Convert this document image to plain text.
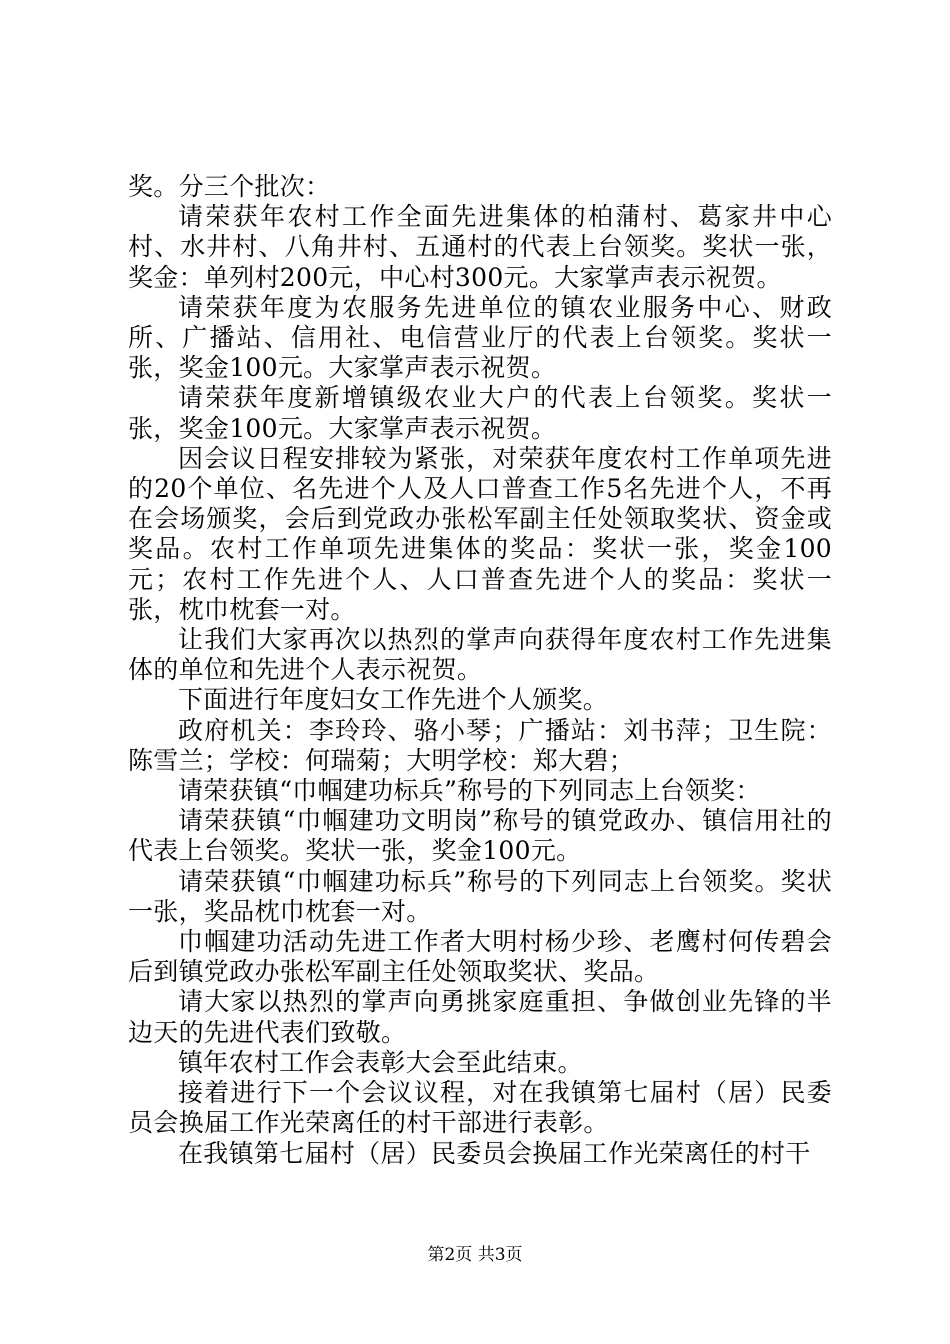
奖。分三个批次：

请荣获年农村工作全面先进集体的柏蒲村、葛家井中心村、水井村、八角井村、五通村的代表上台领奖。奖状一张，奖金：单列村200元，中心村300元。大家掌声表示祝贺。

请荣获年度为农服务先进单位的镇农业服务中心、财政所、广播站、信用社、电信营业厅的代表上台领奖。奖状一张，奖金100元。大家掌声表示祝贺。

请荣获年度新增镇级农业大户的代表上台领奖。奖状一张，奖金100元。大家掌声表示祝贺。

因会议日程安排较为紧张，对荣获年度农村工作单项先进的20个单位、名先进个人及人口普查工作5名先进个人，不再在会场颁奖，会后到党政办张松军副主任处领取奖状、资金或奖品。农村工作单项先进集体的奖品：奖状一张，奖金100元；农村工作先进个人、人口普查先进个人的奖品：奖状一张，枕巾枕套一对。

让我们大家再次以热烈的掌声向获得年度农村工作先进集体的单位和先进个人表示祝贺。

下面进行年度妇女工作先进个人颁奖。

政府机关：李玲玲、骆小琴；广播站：刘书萍；卫生院：陈雪兰；学校：何瑞菊；大明学校：郑大碧；

请荣获镇“巾帼建功标兵”称号的下列同志上台领奖：

请荣获镇“巾帼建功文明岗”称号的镇党政办、镇信用社的代表上台领奖。奖状一张，奖金100元。

请荣获镇“巾帼建功标兵”称号的下列同志上台领奖。奖状一张，奖品枕巾枕套一对。

巾帼建功活动先进工作者大明村杨少珍、老鹰村何传碧会后到镇党政办张松军副主任处领取奖状、奖品。

请大家以热烈的掌声向勇挑家庭重担、争做创业先锋的半边天的先进代表们致敬。

镇年农村工作会表彰大会至此结束。

接着进行下一个会议议程，对在我镇第七届村（居）民委员会换届工作光荣离任的村干部进行表彰。

在我镇第七届村（居）民委员会换届工作光荣离任的村干

第2页 共3页
